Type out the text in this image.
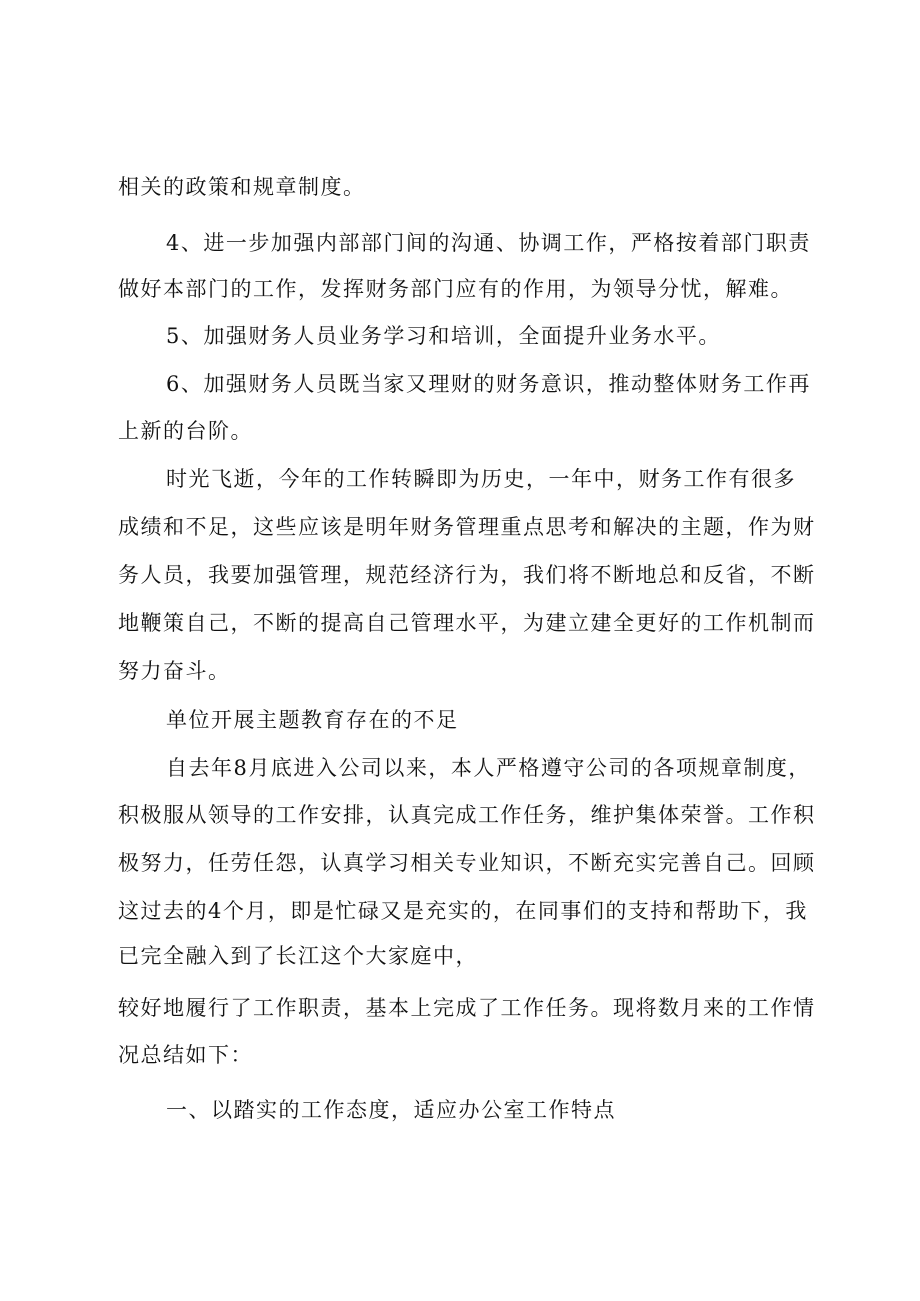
相关的政策和规章制度。

4、进一步加强内部部门间的沟通、协调工作，严格按着部门职责

做好本部门的工作，发挥财务部门应有的作用，为领导分忧，解难。

5、加强财务人员业务学习和培训，全面提升业务水平。

6、加强财务人员既当家又理财的财务意识，推动整体财务工作再

上新的台阶。

时光飞逝，今年的工作转瞬即为历史，一年中，财务工作有很多

成绩和不足，这些应该是明年财务管理重点思考和解决的主题，作为财

务人员，我要加强管理，规范经济行为，我们将不断地总和反省，不断

地鞭策自己，不断的提高自己管理水平，为建立建全更好的工作机制而

努力奋斗。

单位开展主题教育存在的不足

自去年8月底进入公司以来，本人严格遵守公司的各项规章制度，

积极服从领导的工作安排，认真完成工作任务，维护集体荣誉。工作积

极努力，任劳任怨，认真学习相关专业知识，不断充实完善自己。回顾

这过去的4个月，即是忙碌又是充实的，在同事们的支持和帮助下，我

已完全融入到了长江这个大家庭中，

较好地履行了工作职责，基本上完成了工作任务。现将数月来的工作情

况总结如下：

一、以踏实的工作态度，适应办公室工作特点
